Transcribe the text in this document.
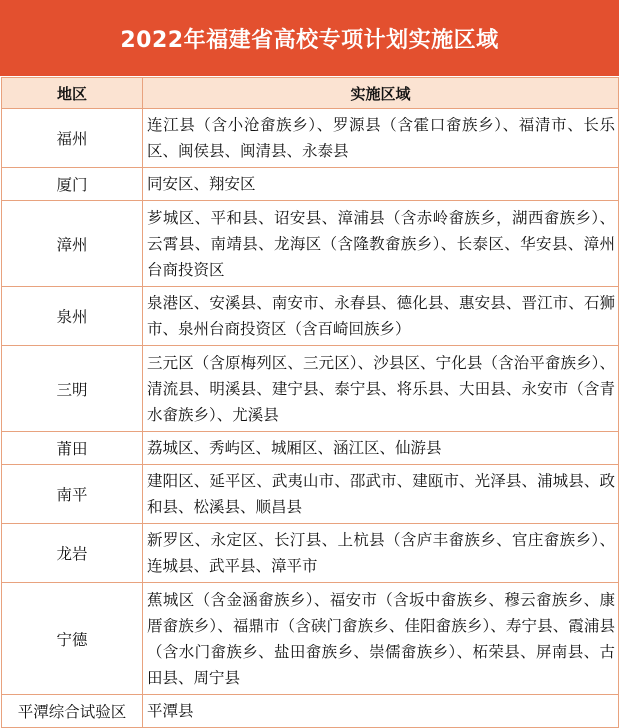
2022年福建省高校专项计划实施区域
地区	实施区域
福州	连江县（含小沧畲族乡）、罗源县（含霍口畲族乡）、福清市、长乐区、闽侯县、闽清县、永泰县
厦门	同安区、翔安区
漳州	芗城区、平和县、诏安县、漳浦县（含赤岭畲族乡，湖西畲族乡）、云霄县、南靖县、龙海区（含隆教畲族乡）、长泰区、华安县、漳州台商投资区
泉州	泉港区、安溪县、南安市、永春县、德化县、惠安县、晋江市、石狮市、泉州台商投资区（含百崎回族乡）
三明	三元区（含原梅列区、三元区）、沙县区、宁化县（含治平畲族乡）、清流县、明溪县、建宁县、泰宁县、将乐县、大田县、永安市（含青水畲族乡）、尤溪县
莆田	荔城区、秀屿区、城厢区、涵江区、仙游县
南平	建阳区、延平区、武夷山市、邵武市、建瓯市、光泽县、浦城县、政和县、松溪县、顺昌县
龙岩	新罗区、永定区、长汀县、上杭县（含庐丰畲族乡、官庄畲族乡）、连城县、武平县、漳平市
宁德	蕉城区（含金涵畲族乡）、福安市（含坂中畲族乡、穆云畲族乡、康厝畲族乡）、福鼎市（含硖门畲族乡、佳阳畲族乡）、寿宁县、霞浦县（含水门畲族乡、盐田畲族乡、崇儒畲族乡）、柘荣县、屏南县、古田县、周宁县
平潭综合试验区	平潭县
